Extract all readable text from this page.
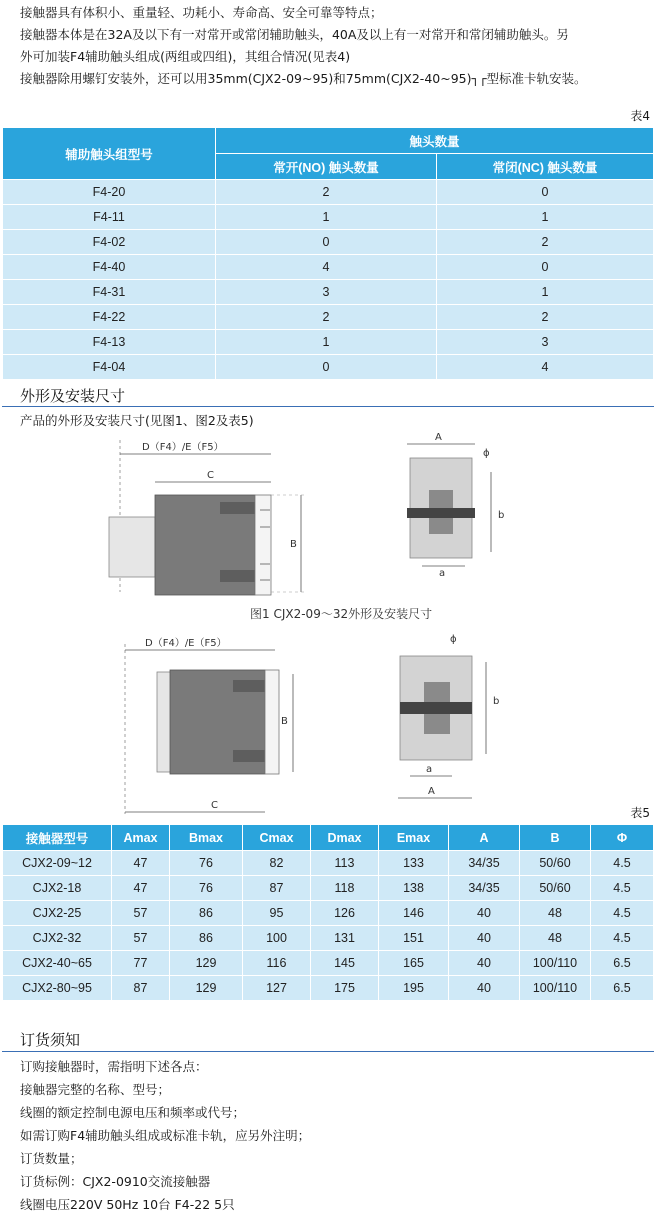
接触器具有体积小、重量轻、功耗小、寿命高、安全可靠等特点；
接触器本体是在32A及以下有一对常开或常闭辅助触头，40A及以上有一对常开和常闭辅助触头。另
外可加装F4辅助触头组成(两组或四组)，其组合情况(见表4)
接触器除用螺钉安装外，还可以用35mm(CJX2-09~95)和75mm(CJX2-40~95)┐┌型标准卡轨安装。
表4
辅助触头组型号	触头数量	
	常开(NO) 触头数量	常闭(NC) 触头数量
F4-20	2	0
F4-11	1	1
F4-02	0	2
F4-40	4	0
F4-31	3	1
F4-22	2	2
F4-13	1	3
F4-04	0	4
外形及安装尺寸
产品的外形及安装尺寸(见图1、图2及表5)
D（F4）/E（F5）
C
B
A
ϕ
b
a
图1 CJX2-09～32外形及安装尺寸
D（F4）/E（F5）
B
C
ϕ
b
a
A
表5
接触器型号	Amax	Bmax	Cmax	Dmax	Emax	A	B	Φ
CJX2-09~12	47	76	82	113	133	34/35	50/60	4.5
CJX2-18	47	76	87	118	138	34/35	50/60	4.5
CJX2-25	57	86	95	126	146	40	48	4.5
CJX2-32	57	86	100	131	151	40	48	4.5
CJX2-40~65	77	129	116	145	165	40	100/110	6.5
CJX2-80~95	87	129	127	175	195	40	100/110	6.5
订货须知
订购接触器时，需指明下述各点：
接触器完整的名称、型号；
线圈的额定控制电源电压和频率或代号；
如需订购F4辅助触头组成或标准卡轨，应另外注明；
订货数量；
订货标例：CJX2-0910交流接触器
线圈电压220V 50Hz 10台 F4-22 5只
